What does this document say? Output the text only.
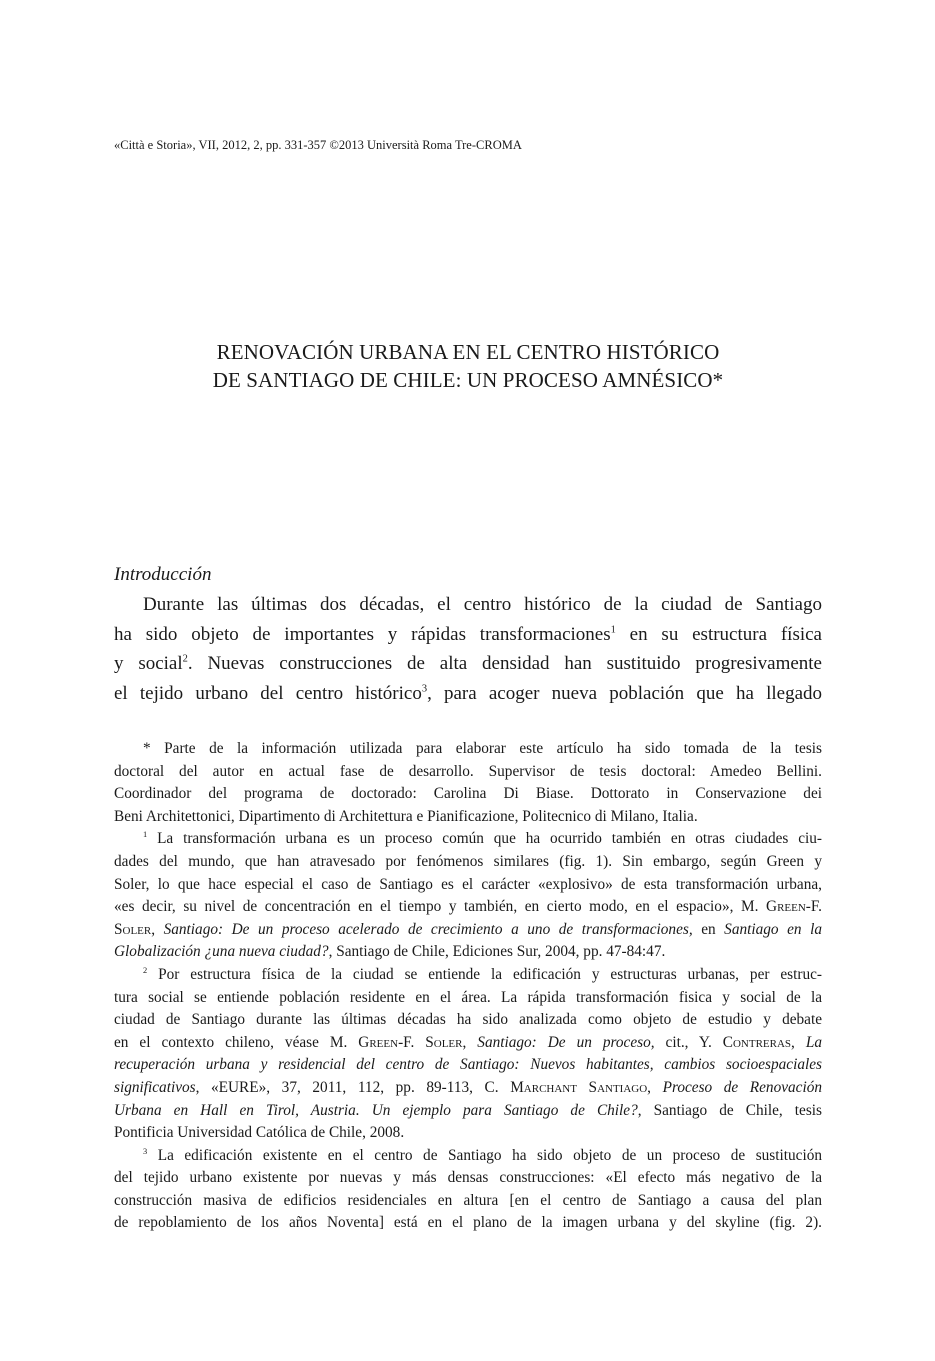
«Città e Storia», VII, 2012, 2, pp. 331-357 ©2013 Università Roma Tre-CROMA
RENOVACIÓN URBANA EN EL CENTRO HISTÓRICO
DE SANTIAGO DE CHILE: UN PROCESO AMNÉSICO*
Introducción
Durante las últimas dos décadas, el centro histórico de la ciudad de Santiago
ha sido objeto de importantes y rápidas transformaciones$^1$ en su estructura física
y social$^2$. Nuevas construcciones de alta densidad han sustituido progresivamente
el tejido urbano del centro histórico$^3$, para acoger nueva población que ha llegado
* Parte de la información utilizada para elaborar este artículo ha sido tomada de la tesis
doctoral del autor en actual fase de desarrollo. Supervisor de tesis doctoral: Amedeo Bellini.
Coordinador del programa de doctorado: Carolina Di Biase. Dottorato in Conservazione dei
Beni Architettonici, Dipartimento di Architettura e Pianificazione, Politecnico di Milano, Italia.
$^1$ La transformación urbana es un proceso común que ha ocurrido también en otras ciudades ciu-
dades del mundo, que han atravesado por fenómenos similares (fig. 1). Sin embargo, según Green y
Soler, lo que hace especial el caso de Santiago es el carácter «explosivo» de esta transformación urbana,
«es decir, su nivel de concentración en el tiempo y también, en cierto modo, en el espacio», M. Green-F.
Soler, Santiago: De un proceso acelerado de crecimiento a uno de transformaciones, en Santiago en la
Globalización ¿una nueva ciudad?, Santiago de Chile, Ediciones Sur, 2004, pp. 47-84:47.
$^2$ Por estructura física de la ciudad se entiende la edificación y estructuras urbanas, per estruc-
tura social se entiende población residente en el área. La rápida transformación fisica y social de la
ciudad de Santiago durante las últimas décadas ha sido analizada como objeto de estudio y debate
en el contexto chileno, véase M. Green-F. Soler, Santiago: De un proceso, cit., Y. Contreras, La
recuperación urbana y residencial del centro de Santiago: Nuevos habitantes, cambios socioespaciales
significativos, «EURE», 37, 2011, 112, pp. 89-113, C. Marchant Santiago, Proceso de Renovación
Urbana en Hall en Tirol, Austria. Un ejemplo para Santiago de Chile?, Santiago de Chile, tesis
Pontificia Universidad Católica de Chile, 2008.
$^3$ La edificación existente en el centro de Santiago ha sido objeto de un proceso de sustitución
del tejido urbano existente por nuevas y más densas construcciones: «El efecto más negativo de la
construcción masiva de edificios residenciales en altura [en el centro de Santiago a causa del plan
de repoblamiento de los años Noventa] está en el plano de la imagen urbana y del skyline (fig. 2).
